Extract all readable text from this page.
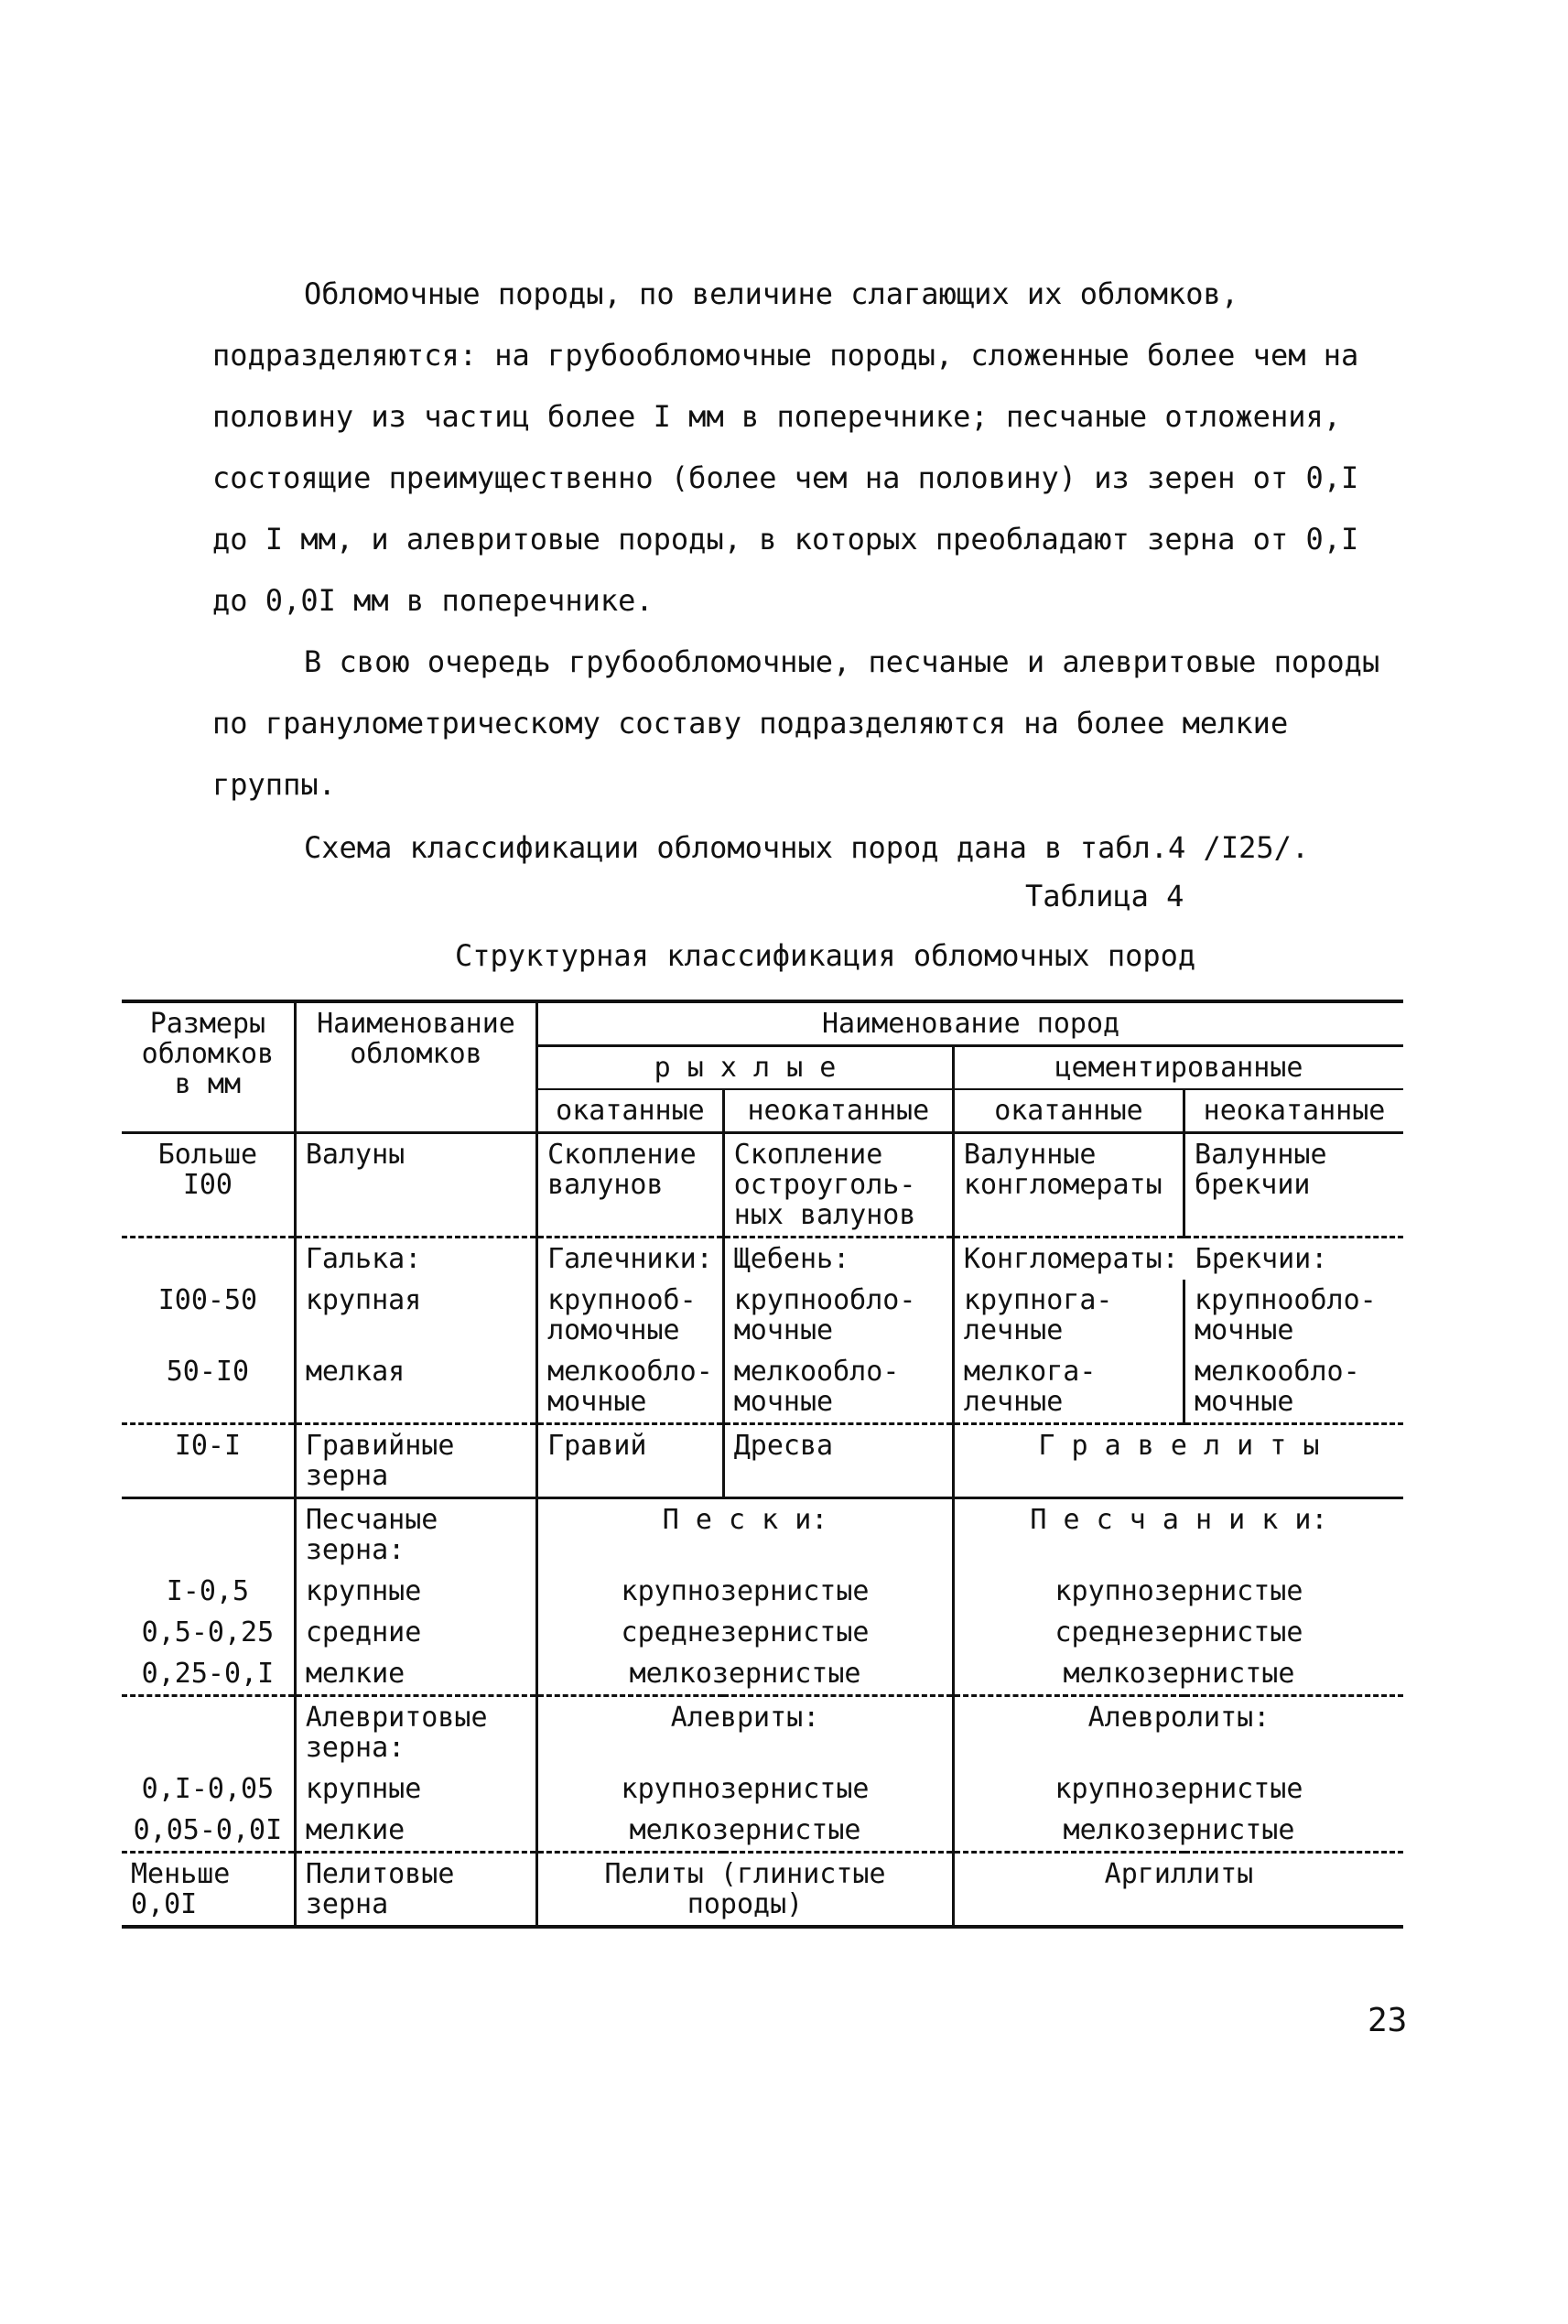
Обломочные породы, по величине слагающих их обломков, подразделяются: на грубообломочные породы, сложенные более чем на половину из частиц более I мм в поперечнике; песчаные отложения, состоящие преимущественно (более чем на половину) из зерен от 0,I до I мм, и алевритовые породы, в которых преобладают зерна от 0,I до 0,0I мм в поперечнике.

В свою очередь грубообломочные, песчаные и алевритовые породы по гранулометрическому составу подразделяются на более мелкие группы.

Схема классификации обломочных пород дана в табл.4 /I25/.

Таблица 4
Структурная классификация обломочных пород
Размеры обломков в мм	Наименование обломков	Наименование пород			
		р ы х л ы е		цементированные	
		окатанные	неокатанные	окатанные	неокатанные
Больше I00	Валуны	Скопление валунов	Скопление остроугольных валунов	Валунные конгломераты	Валунные брекчии
	Галька:	Галечники:	Щебень:	Конгломераты: Брекчии:	
I00-50	крупная	крупнообломочные	крупнообломочные	крупногалечные	крупнообломочные
50-I0	мелкая	мелкообломочные	мелкообломочные	мелкогалечные	мелкообломочные
I0-I	Гравийные зерна	Гравий	Дресва	Г р а в е л и т ы	
	Песчаные зерна:	П е с к и:		П е с ч а н и к и:	
I-0,5	крупные	крупнозернистые		крупнозернистые	
0,5-0,25	средние	среднезернистые		среднезернистые	
0,25-0,I	мелкие	мелкозернистые		мелкозернистые	
	Алевритовые зерна:	Алевриты:		Алевролиты:	
0,I-0,05	крупные	крупнозернистые		крупнозернистые	
0,05-0,0I	мелкие	мелкозернистые		мелкозернистые	
Меньше 0,0I	Пелитовые зерна	Пелиты (глинистые породы)		Аргиллиты	
23
